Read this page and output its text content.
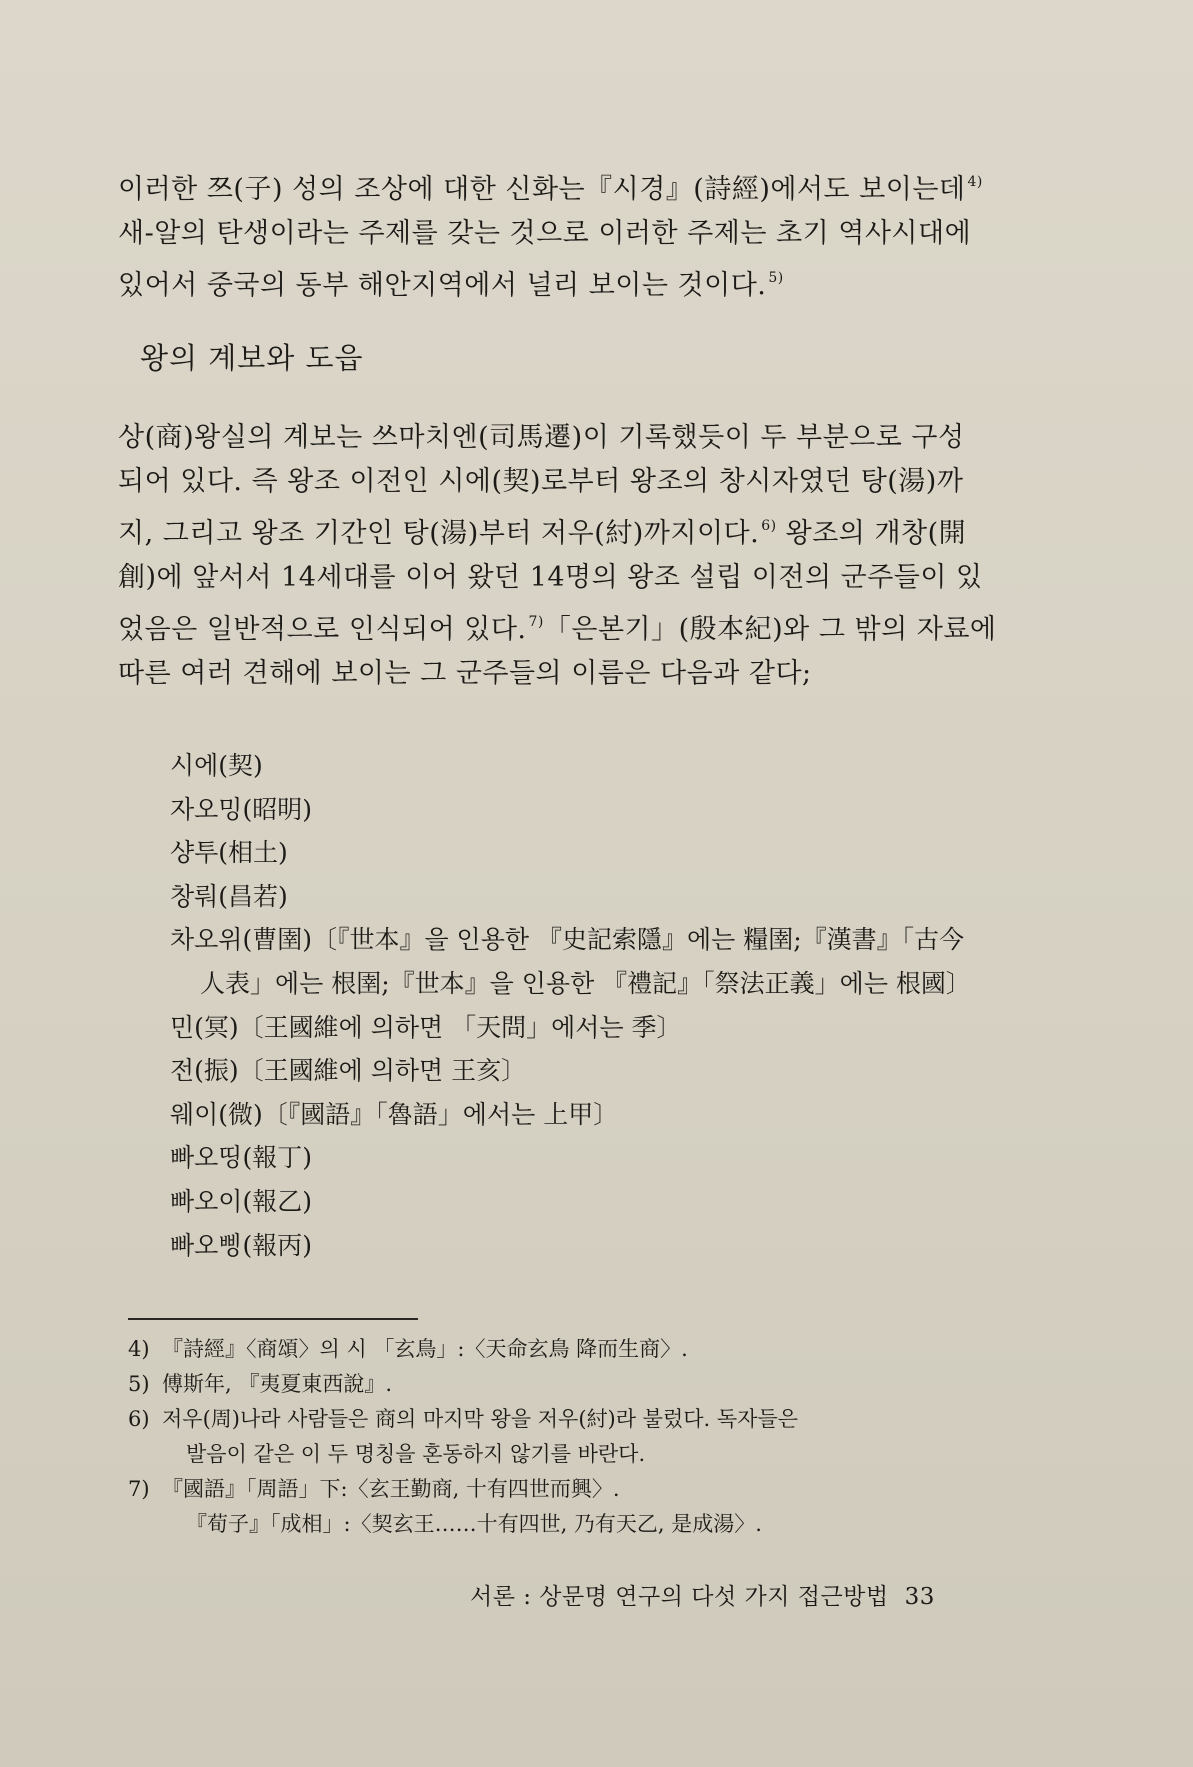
이러한 쯔(子) 성의 조상에 대한 신화는『시경』(詩經)에서도 보이는데 $^{4)}$
새-알의 탄생이라는 주제를 갖는 것으로 이러한 주제는 초기 역사시대에
있어서 중국의 동부 해안지역에서 널리 보이는 것이다. $^{5)}$

왕의 계보와 도읍

상(商)왕실의 계보는 쓰마치엔(司馬遷)이 기록했듯이 두 부분으로 구성
되어 있다. 즉 왕조 이전인 시에(契)로부터 왕조의 창시자였던 탕(湯)까
지, 그리고 왕조 기간인 탕(湯)부터 저우(紂)까지이다. $^{6)}$ 왕조의 개창(開
創)에 앞서서 14세대를 이어 왔던 14명의 왕조 설립 이전의 군주들이 있
었음은 일반적으로 인식되어 있다. $^{7)}$「은본기」(殷本紀)와 그 밖의 자료에
따른 여러 견해에 보이는 그 군주들의 이름은 다음과 같다;

시에(契)
자오밍(昭明)
샹투(相土)
창뤄(昌若)
차오위(曹圉)〔『世本』을 인용한 『史記索隱』에는 糧圉;『漢書』「古今
人表」에는 根圉;『世本』을 인용한 『禮記』「祭法正義」에는 根國〕
민(冥)〔王國維에 의하면 「天問」에서는 季〕
전(振)〔王國維에 의하면 王亥〕
웨이(微)〔『國語』「魯語」에서는 上甲〕
빠오띵(報丁)
빠오이(報乙)
빠오삥(報丙)
4) 『詩經』〈商頌〉의 시 「玄鳥」:〈天命玄鳥 降而生商〉.
5) 傅斯年, 『夷夏東西說』.
6) 저우(周)나라 사람들은 商의 마지막 왕을 저우(紂)라 불렀다. 독자들은
발음이 같은 이 두 명칭을 혼동하지 않기를 바란다.
7) 『國語』「周語」下:〈玄王勤商, 十有四世而興〉.
『荀子』「成相」:〈契玄王……十有四世, 乃有天乙, 是成湯〉.
서론 : 상문명 연구의 다섯 가지 접근방법 33
